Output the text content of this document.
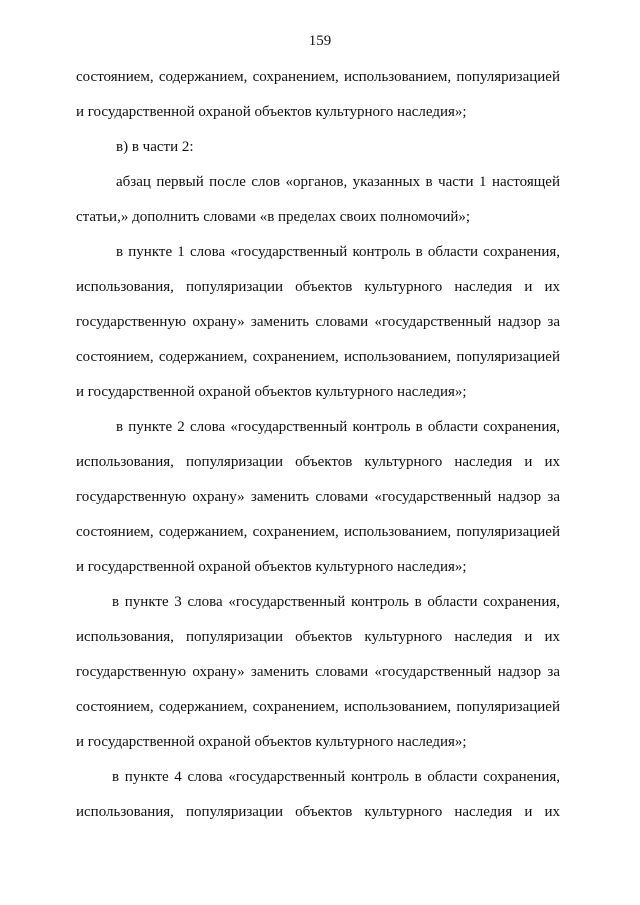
159
состоянием, содержанием, сохранением, использованием, популяризацией
и государственной охраной объектов культурного наследия»;
в) в части 2:
абзац первый после слов «органов, указанных в части 1 настоящей
статьи,» дополнить словами «в пределах своих полномочий»;
в пункте 1 слова «государственный контроль в области сохранения,
использования, популяризации объектов культурного наследия и их
государственную охрану» заменить словами «государственный надзор за
состоянием, содержанием, сохранением, использованием, популяризацией
и государственной охраной объектов культурного наследия»;
в пункте 2 слова «государственный контроль в области сохранения,
использования, популяризации объектов культурного наследия и их
государственную охрану» заменить словами «государственный надзор за
состоянием, содержанием, сохранением, использованием, популяризацией
и государственной охраной объектов культурного наследия»;
в пункте 3 слова «государственный контроль в области сохранения,
использования, популяризации объектов культурного наследия и их
государственную охрану» заменить словами «государственный надзор за
состоянием, содержанием, сохранением, использованием, популяризацией
и государственной охраной объектов культурного наследия»;
в пункте 4 слова «государственный контроль в области сохранения,
использования, популяризации объектов культурного наследия и их
